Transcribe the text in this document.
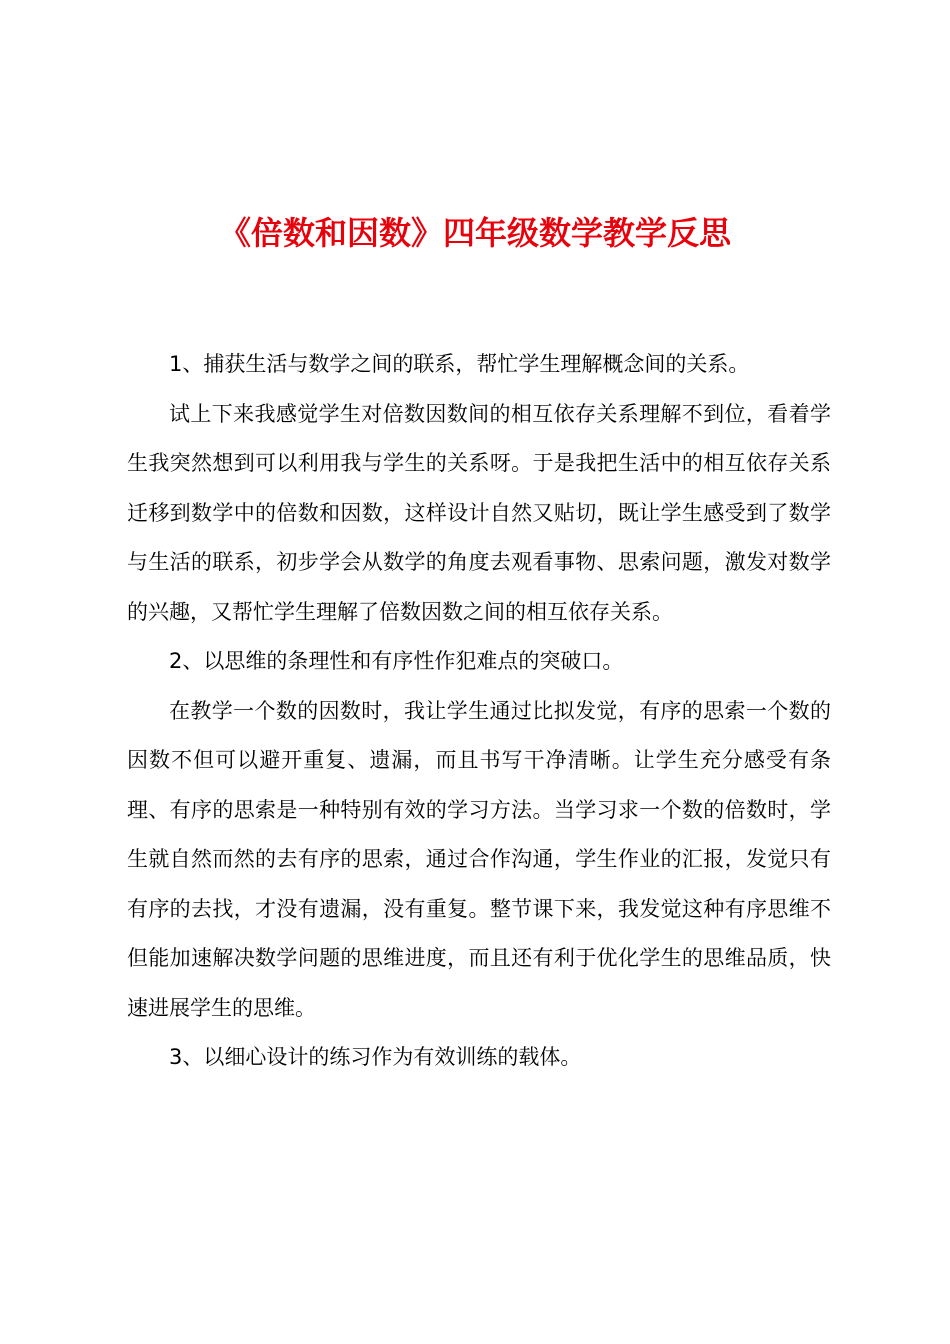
《倍数和因数》四年级数学教学反思

1、捕获生活与数学之间的联系，帮忙学生理解概念间的关系。

试上下来我感觉学生对倍数因数间的相互依存关系理解不到位，看着学生我突然想到可以利用我与学生的关系呀。于是我把生活中的相互依存关系迁移到数学中的倍数和因数，这样设计自然又贴切，既让学生感受到了数学与生活的联系，初步学会从数学的角度去观看事物、思索问题，激发对数学的兴趣，又帮忙学生理解了倍数因数之间的相互依存关系。

2、以思维的条理性和有序性作犯难点的突破口。

在教学一个数的因数时，我让学生通过比拟发觉，有序的思索一个数的因数不但可以避开重复、遗漏，而且书写干净清晰。让学生充分感受有条理、有序的思索是一种特别有效的学习方法。当学习求一个数的倍数时，学生就自然而然的去有序的思索，通过合作沟通，学生作业的汇报，发觉只有有序的去找，才没有遗漏，没有重复。整节课下来，我发觉这种有序思维不但能加速解决数学问题的思维进度，而且还有利于优化学生的思维品质，快速进展学生的思维。

3、以细心设计的练习作为有效训练的载体。
